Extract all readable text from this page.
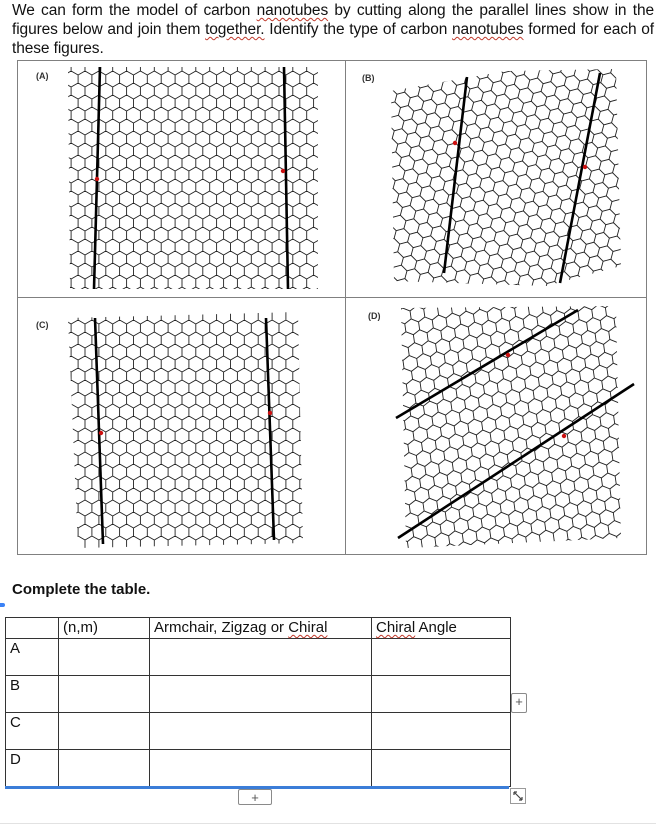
We can form the model of carbon nanotubes by cutting along the parallel lines show in the figures below and join them together. Identify the type of carbon nanotubes formed for each of these figures.
(A)	(B)
(C)
(D)
Complete the table.
	(n,m)	Armchair, Zigzag or Chiral	Chiral Angle
A			
B			
C			
D			
+
+
